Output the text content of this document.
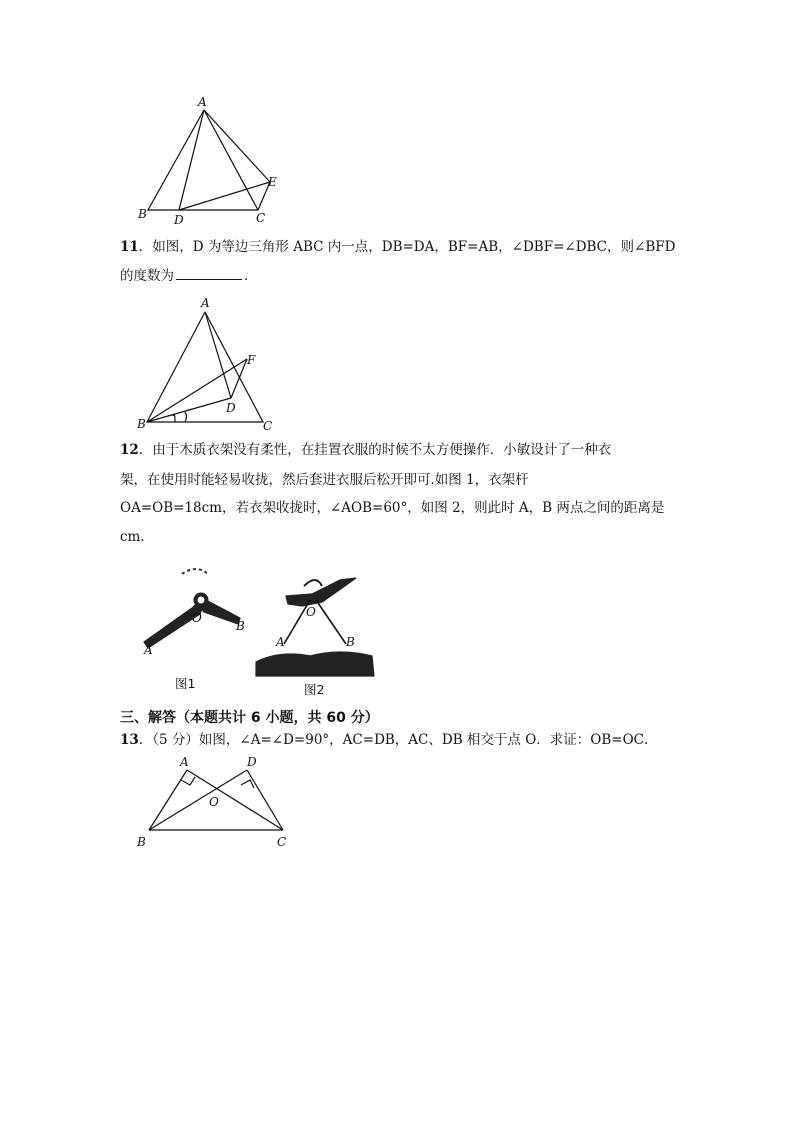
A
B D	C
E
11．如图，D 为等边三角形 ABC 内一点，DB=DA，BF=AB，∠DBF=∠DBC，则∠BFD
的度数为	．
A
F
D
B	C
12．由于木质衣架没有柔性，在挂置衣服的时候不太方便操作．小敏设计了一种衣
架，在使用时能轻易收拢，然后套进衣服后松开即可.如图 1，衣架杆
OA=OB=18cm，若衣架收拢时，∠AOB=60°，如图 2，则此时 A，B 两点之间的距离是
cm．
O
B
A
图1
O
A	B
图2
三、解答（本题共计 6 小题，共 60 分）
13．（5 分）如图，∠A=∠D=90°，AC=DB，AC、DB 相交于点 O．求证：OB=OC．
A	D
O
B	C
